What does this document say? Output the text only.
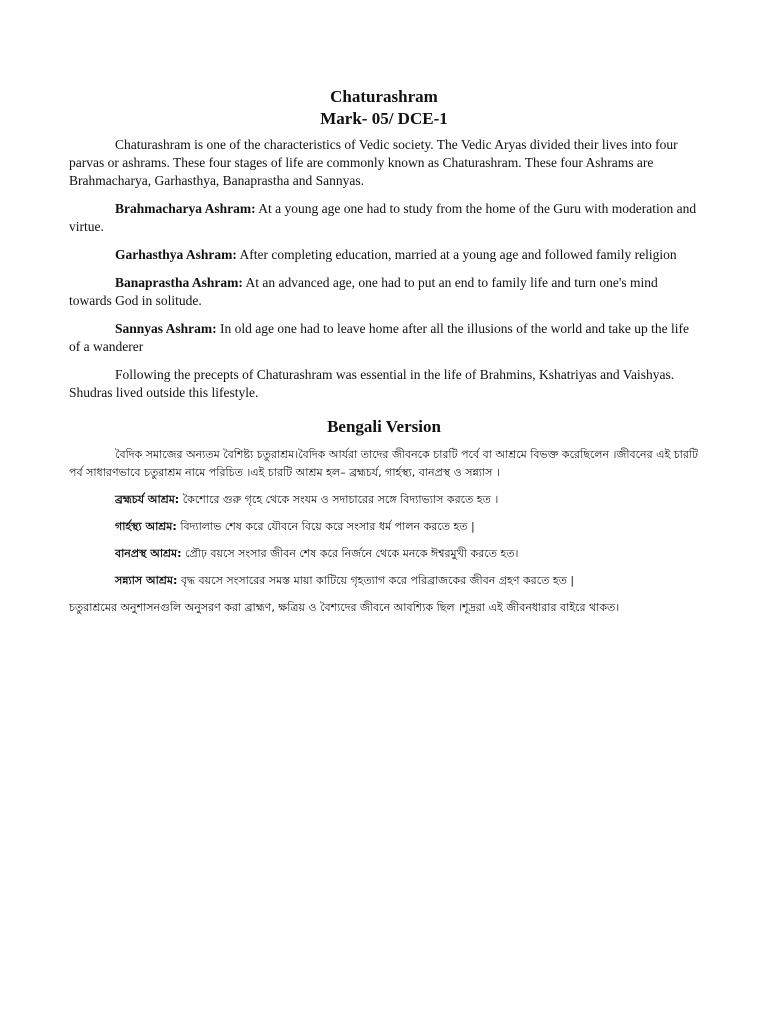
Chaturashram
Mark- 05/ DCE-1

Chaturashram is one of the characteristics of Vedic society. The Vedic Aryas divided their lives into four parvas or ashrams. These four stages of life are commonly known as Chaturashram. These four Ashrams are Brahmacharya, Garhasthya, Banaprastha and Sannyas.

Brahmacharya Ashram: At a young age one had to study from the home of the Guru with moderation and virtue.

Garhasthya Ashram: After completing education, married at a young age and followed family religion

Banaprastha Ashram: At an advanced age, one had to put an end to family life and turn one's mind towards God in solitude.

Sannyas Ashram: In old age one had to leave home after all the illusions of the world and take up the life of a wanderer

Following the precepts of Chaturashram was essential in the life of Brahmins, Kshatriyas and Vaishyas. Shudras lived outside this lifestyle.

Bengali Version

বৈদিক সমাজের অন্যতম বৈশিষ্ট্য চতুরাশ্রম।বৈদিক আর্যরা তাদের জীবনকে চারটি পর্বে বা আশ্রমে বিভক্ত করেছিলেন ।জীবনের এই চারটি পর্ব সাধারণভাবে চতুরাশ্রম নামে পরিচিত ।এই চারটি আশ্রম হল– ব্রহ্মচর্য, গার্হস্থ্য, বানপ্রস্থ ও সন্ন্যাস ।

ব্রহ্মচর্য আশ্রম: কৈশোরে গুরু গৃহে থেকে সংযম ও সদাচারের সঙ্গে বিদ্যাভ্যাস করতে হত ।

গার্হস্থ্য আশ্রম: বিদ্যালাভ শেষ করে যৌবনে বিয়ে করে সংসার ধর্ম পালন করতে হত |

বানপ্রস্থ আশ্রম: প্রৌঢ় বয়সে সংসার জীবন শেষ করে নির্জনে থেকে মনকে ঈশ্বরমুখী করতে হত।

সন্ন্যাস আশ্রম: বৃদ্ধ বয়সে সংসারের সমস্ত মায়া কাটিয়ে গৃহত্যাগ করে পরিব্রাজকের জীবন গ্রহণ করতে হত |

চতুরাশ্রমের অনুশাসনগুলি অনুসরণ করা ব্রাহ্মণ, ক্ষত্রিয় ও বৈশ্যদের জীবনে আবশ্যিক ছিল ।শূদ্ররা এই জীবনধারার বাইরে থাকত।
